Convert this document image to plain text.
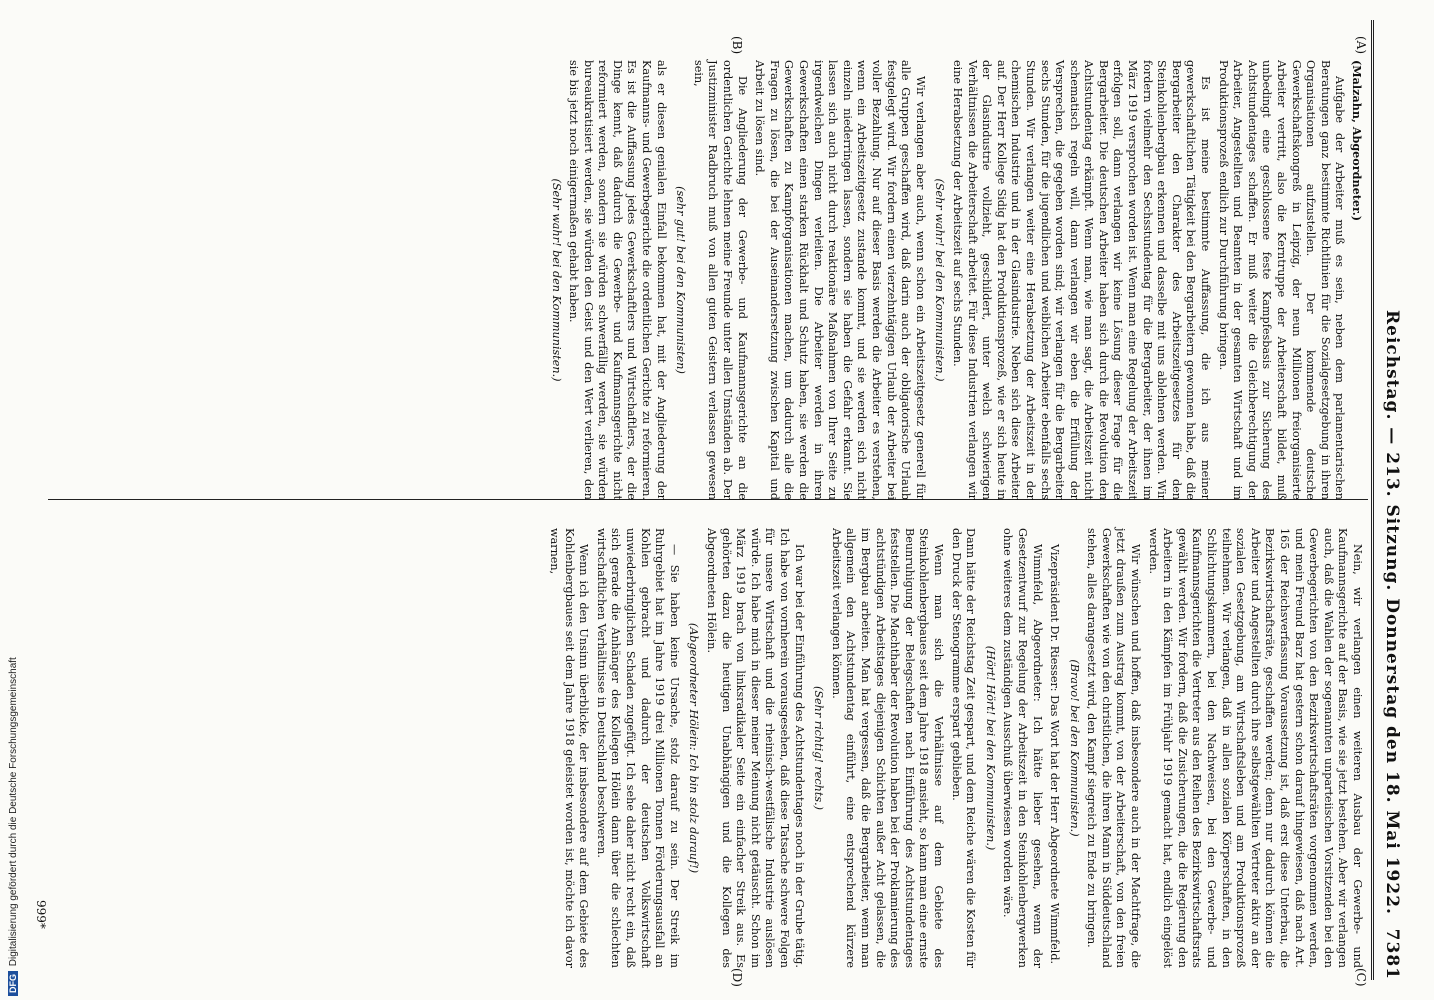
Reichstag. — 213. Sitzung. Donnerstag den 18. Mai 1922.
7381
(A)
(B)
(C)
(D)

(Malzahn, Abgeordneter.)

Aufgabe der Arbeiter muß es sein, neben dem parlamentarischen Beratungen ganz bestimmte Richtlinien für die Sozialgesetzgebung in ihren Organisationen aufzustellen. Der kommende deutsche Gewerkschaftskongreß in Leipzig, der neun Millionen freiorganisierte Arbeiter vertritt, also die Kerntruppe der Arbeiterschaft bildet, muß unbedingt eine geschlossene feste Kampfesbasis zur Sicherung des Achtstundentages schaffen. Er muß weiter die Gleichberechtigung der Arbeiter, Angestellten und Beamten in der gesamten Wirtschaft und im Produktionsprozeß endlich zur Durchführung bringen.

Es ist meine bestimmte Auffassung, die ich aus meiner gewerkschaftlichen Tätigkeit bei den Bergarbeitern gewonnen habe, daß die Bergarbeiter den Charakter des Arbeitszeitgesetzes für den Steinkohlenbergbau erkennen und dasselbe mit uns ablehnen werden. Wir fordern vielmehr den Sechsstundentag für die Bergarbeiter, der ihnen im März 1919 versprochen worden ist. Wenn man eine Regelung der Arbeitszeit erfolgen soll, dann verlangen wir keine Lösung dieser Frage für die Bergarbeiter. Die deutschen Arbeiter haben sich durch die Revolution den Achtstundentag erkämpft. Wenn man, wie man sagt, die Arbeitszeit nicht schematisch regeln will, dann verlangen wir eben die Erfüllung der Versprechen, die gegeben worden sind; wir verlangen für die Bergarbeiter sechs Stunden, für die jugendlichen und weiblichen Arbeiter ebenfalls sechs Stunden. Wir verlangen weiter eine Herabsetzung der Arbeitszeit in der chemischen Industrie und in der Glasindustrie. Neben sich diese Arbeiter auf. Der Herr Kollege Sidig hat den Produktionsprozeß, wie er sich heute in der Glasindustrie vollzieht, geschildert, unter welch schwierigen Verhältnissen die Arbeiterschaft arbeitet. Für diese Industrien verlangen wir eine Herabsetzung der Arbeitszeit auf sechs Stunden.

(Sehr wahr! bei den Kommunisten.)

Wir verlangen aber auch, wenn schon ein Arbeitszeitgesetz generell für alle Gruppen geschaffen wird, daß darin auch der obligatorische Urlaub festgelegt wird. Wir fordern einen vierzehntägigen Urlaub der Arbeiter bei voller Bezahlung. Nur auf dieser Basis werden die Arbeiter es verstehen, wenn ein Arbeitszeitgesetz zustande kommt, und sie werden sich nicht einzeln niederringen lassen, sondern sie haben die Gefahr erkannt. Sie lassen sich auch nicht durch reaktionäre Maßnahmen von Ihrer Seite zu irgendwelchen Dingen verleiten. Die Arbeiter werden in ihren Gewerkschaften einen starken Rückhalt und Schutz haben, sie werden die Gewerkschaften zu Kampforganisationen machen, um dadurch alle die Fragen zu lösen, die bei der Auseinandersetzung zwischen Kapital und Arbeit zu lösen sind.

Die Angliederung der Gewerbe- und Kaufmannsgerichte an die ordentlichen Gerichte lehnen meine Freunde unter allen Umständen ab. Der Justizminister Radbruch muß von allen guten Geistern verlassen gewesen sein,

(sehr gut! bei den Kommunisten)

als er diesen genialen Einfall bekommen hat, mit der Angliederung der Kaufmanns- und Gewerbegerichte die ordentlichen Gerichte zu reformieren. Es ist die Auffassung jedes Gewerkschaftlers und Wirtschaftlers, der die Dinge kennt, daß dadurch die Gewerbe- und Kaufmannsgerichte nicht reformiert werden, sondern sie würden schwerfällig werden, sie würden bureaukratisiert werden, sie würden den Geist und den Wert verlieren, den sie bis jetzt noch einigermaßen gehabt haben.

(Sehr wahr! bei den Kommunisten.)

Nein, wir verlangen einen weiteren Ausbau der Gewerbe- und Kaufmannsgerichte auf der Basis, wie sie jetzt bestehen. Aber wir verlangen auch, daß die Wahlen der sogenannten unparteiischen Vorsitzenden bei den Gewerbegerichten von den Bezirkswirtschaftsräten vorgenommen werden, und mein Freund Barz hat gestern schon darauf hingewiesen, daß nach Art. 165 der Reichsverfassung Voraussetzung ist, daß erst diese Unterbau, die Bezirkswirtschaftsräte, geschaffen werden; denn nur dadurch können die Arbeiter und Angestellten durch ihre selbstgewählten Vertreter aktiv an der sozialen Gesetzgebung, am Wirtschaftsleben und am Produktionsprozeß teilnehmen. Wir verlangen, daß in allen sozialen Körperschaften, in den Schlichtungskammern, bei den Nachweisen, bei den Gewerbe- und Kaufmannsgerichten die Vertreter aus den Reihen des Bezirkswirtschaftsrats gewählt werden. Wir fordern, daß die Zusicherungen, die die Regierung den Arbeitern in den Kämpfen im Frühjahr 1919 gemacht hat, endlich eingelöst werden.

Wir wünschen und hoffen, daß insbesondere auch in der Machtfrage, die jetzt draußen zum Austrag kommt, von der Arbeiterschaft, von den freien Gewerkschaften wie von den christlichen, die ihren Mann in Süddeutschland stehen, alles darangesetzt wird, den Kampf siegreich zu Ende zu bringen.

(Bravo! bei den Kommunisten.)

Vizepräsident Dr. Riesser: Das Wort hat der Herr Abgeordnete Wimmfeld.

Wimmfeld, Abgeordneter: Ich hätte lieber gesehen, wenn der Gesetzentwurf zur Regelung der Arbeitszeit in den Steinkohlenbergwerken ohne weiteres dem zuständigen Ausschuß überwiesen worden wäre.

(Hört! Hört! bei den Kommunisten.)

Dann hätte der Reichstag Zeit gespart, und dem Reiche wären die Kosten für den Druck der Stenogramme erspart geblieben.

Wenn man sich die Verhältnisse auf dem Gebiete des Steinkohlenbergbaues seit dem Jahre 1918 ansieht, so kann man eine ernste Beunruhigung der Belegschaften nach Einführung des Achtstundentages feststellen. Die Machthaber der Revolution haben bei der Proklamierung des achtstündigen Arbeitstages diejenigen Schichten außer Acht gelassen, die im Bergbau arbeiten. Man hat vergessen, daß die Bergarbeiter, wenn man allgemein den Achtstundentag einführt, eine entsprechend kürzere Arbeitszeit verlangen können.

(Sehr richtig! rechts.)

Ich war bei der Einführung des Achtstundentages noch in der Grube tätig. Ich habe von vornherein vorausgesehen, daß diese Tatsache schwere Folgen für unsere Wirtschaft und die rheinisch-westfälische Industrie auslösen würde. Ich habe mich in dieser meiner Meinung nicht getäuscht. Schon im März 1919 brach von linksradikaler Seite ein einfacher Streik aus. Es gehörten dazu die heutigen Unabhängigen und die Kollegen des Abgeordneten Hölein.

(Abgeordneter Hölein: Ich bin stolz darauf!)

— Sie haben keine Ursache, stolz darauf zu sein. Der Streik im Ruhrgebiet hat im Jahre 1919 drei Millionen Tonnen Förderungsausfall an Kohlen gebracht und dadurch der deutschen Volkswirtschaft unwiederbringlichen Schaden zugefügt. Ich sehe daher nicht recht ein, daß sich gerade die Anhänger des Kollegen Hölein dann über die schlechten wirtschaftlichen Verhältnisse in Deutschland beschweren.

Wenn ich den Unsinn überblicke, der insbesondere auf dem Gebiete des Kohlenbergbaues seit dem Jahre 1918 geleistet worden ist, möchte ich davor warnen,

999*
DFG Digitalisierung gefördert durch die Deutsche Forschungsgemeinschaft
